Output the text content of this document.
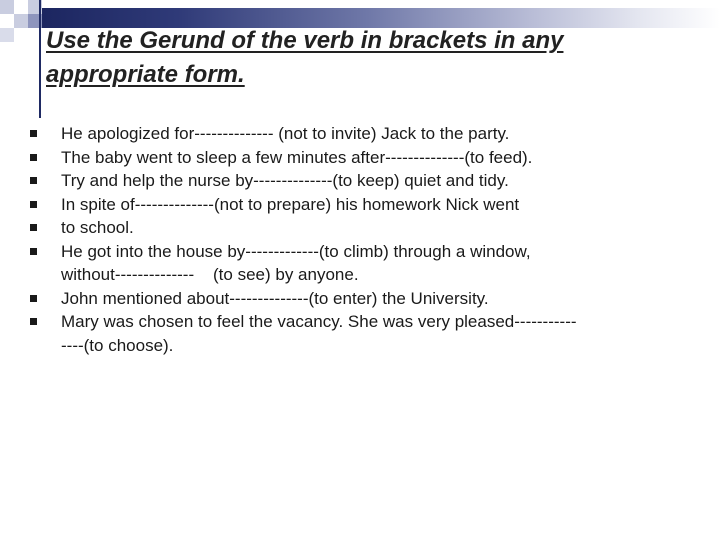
Use the Gerund of the verb in brackets in any
appropriate form.
He apologized for-------------- (not to invite) Jack to the party.
The baby went to sleep a few minutes after--------------(to feed).
Try and help the nurse by--------------(to keep) quiet and tidy.
In spite of--------------(not to prepare) his homework Nick went
to school.
He got into the house by-------------(to climb) through a window,
without--------------    (to see) by anyone.
John mentioned about--------------(to enter) the University.
Mary was chosen to feel the vacancy. She was very pleased-----------
----(to choose).
